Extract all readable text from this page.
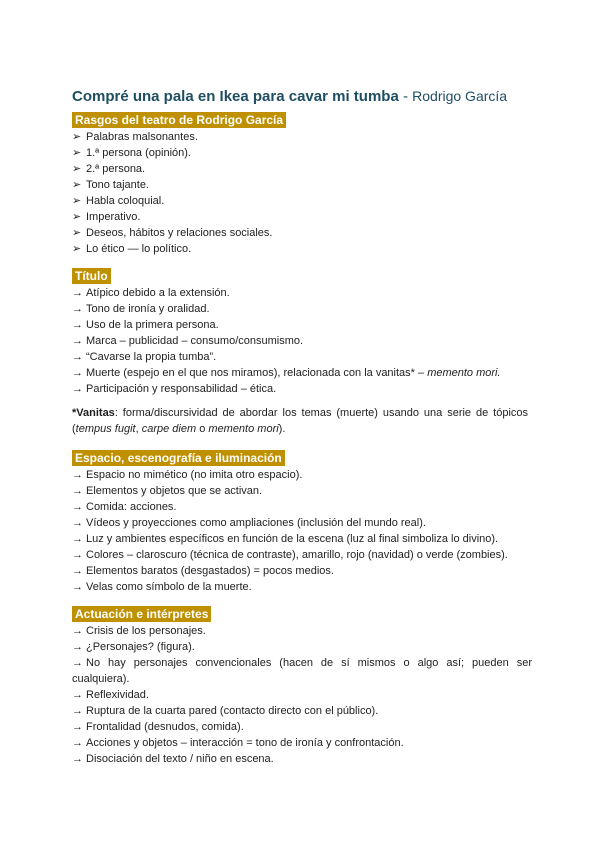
Compré una pala en Ikea para cavar mi tumba - Rodrigo García
Rasgos del teatro de Rodrigo García
➢ Palabras malsonantes.
➢ 1.ª persona (opinión).
➢ 2.ª persona.
➢ Tono tajante.
➢ Habla coloquial.
➢ Imperativo.
➢ Deseos, hábitos y relaciones sociales.
➢ Lo ético — lo político.
Título
→ Atípico debido a la extensión.
→ Tono de ironía y oralidad.
→ Uso de la primera persona.
→ Marca – publicidad – consumo/consumismo.
→ “Cavarse la propia tumba”.
→ Muerte (espejo en el que nos miramos), relacionada con la vanitas* – memento mori.
→ Participación y responsabilidad – ética.
*Vanitas: forma/discursividad de abordar los temas (muerte) usando una serie de tópicos (tempus fugit, carpe diem o memento mori).
Espacio, escenografía e iluminación
→ Espacio no mimético (no imita otro espacio).
→ Elementos y objetos que se activan.
→ Comida: acciones.
→ Vídeos y proyecciones como ampliaciones (inclusión del mundo real).
→ Luz y ambientes específicos en función de la escena (luz al final simboliza lo divino).
→ Colores – claroscuro (técnica de contraste), amarillo, rojo (navidad) o verde (zombies).
→ Elementos baratos (desgastados) = pocos medios.
→ Velas como símbolo de la muerte.
Actuación e intérpretes
→ Crisis de los personajes.
→ ¿Personajes? (figura).
→ No hay personajes convencionales (hacen de sí mismos o algo así; pueden ser cualquiera).
→ Reflexividad.
→ Ruptura de la cuarta pared (contacto directo con el público).
→ Frontalidad (desnudos, comida).
→ Acciones y objetos – interacción = tono de ironía y confrontación.
→ Disociación del texto / niño en escena.
